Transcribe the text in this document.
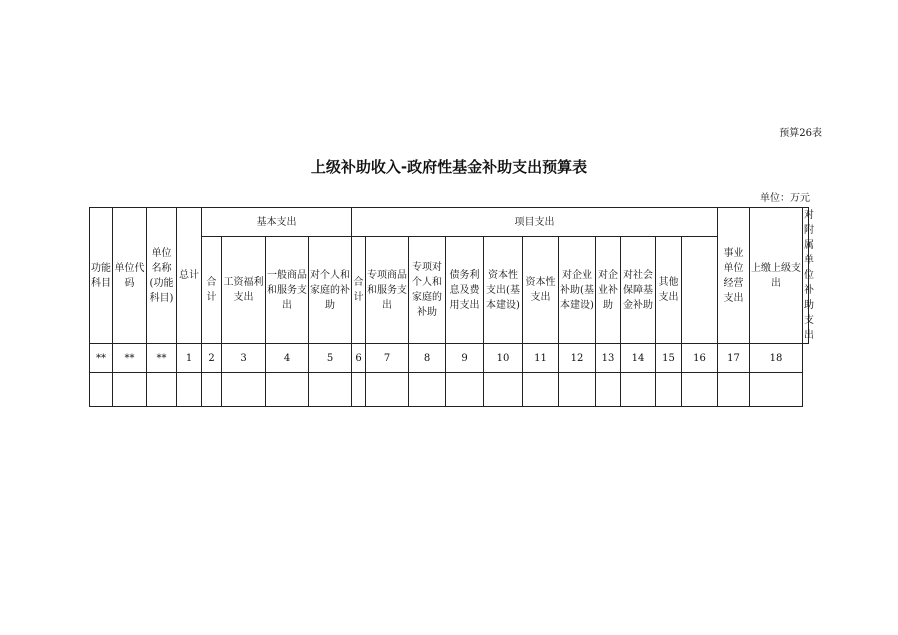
预算26表
上级补助收入-政府性基金补助支出预算表
单位：万元
功能科目	单位代码	单位名称(功能科目)	总计	基本支出				项目支出											事业单位经营支出	上缴上级支出	对附属单位补助支出
				合计	工资福利支出	一般商品和服务支出	对个人和家庭的补助	合计	专项商品和服务支出	专项对个人和家庭的补助	债务利息及费用支出	资本性支出(基本建设)	资本性支出	对企业补助(基本建设)	对企业补助	对社会保障基金补助	其他支出				
**	**	**	1	2	3	4	5	6	7	8	9	10	11	12	13	14	15	16	17	18	
